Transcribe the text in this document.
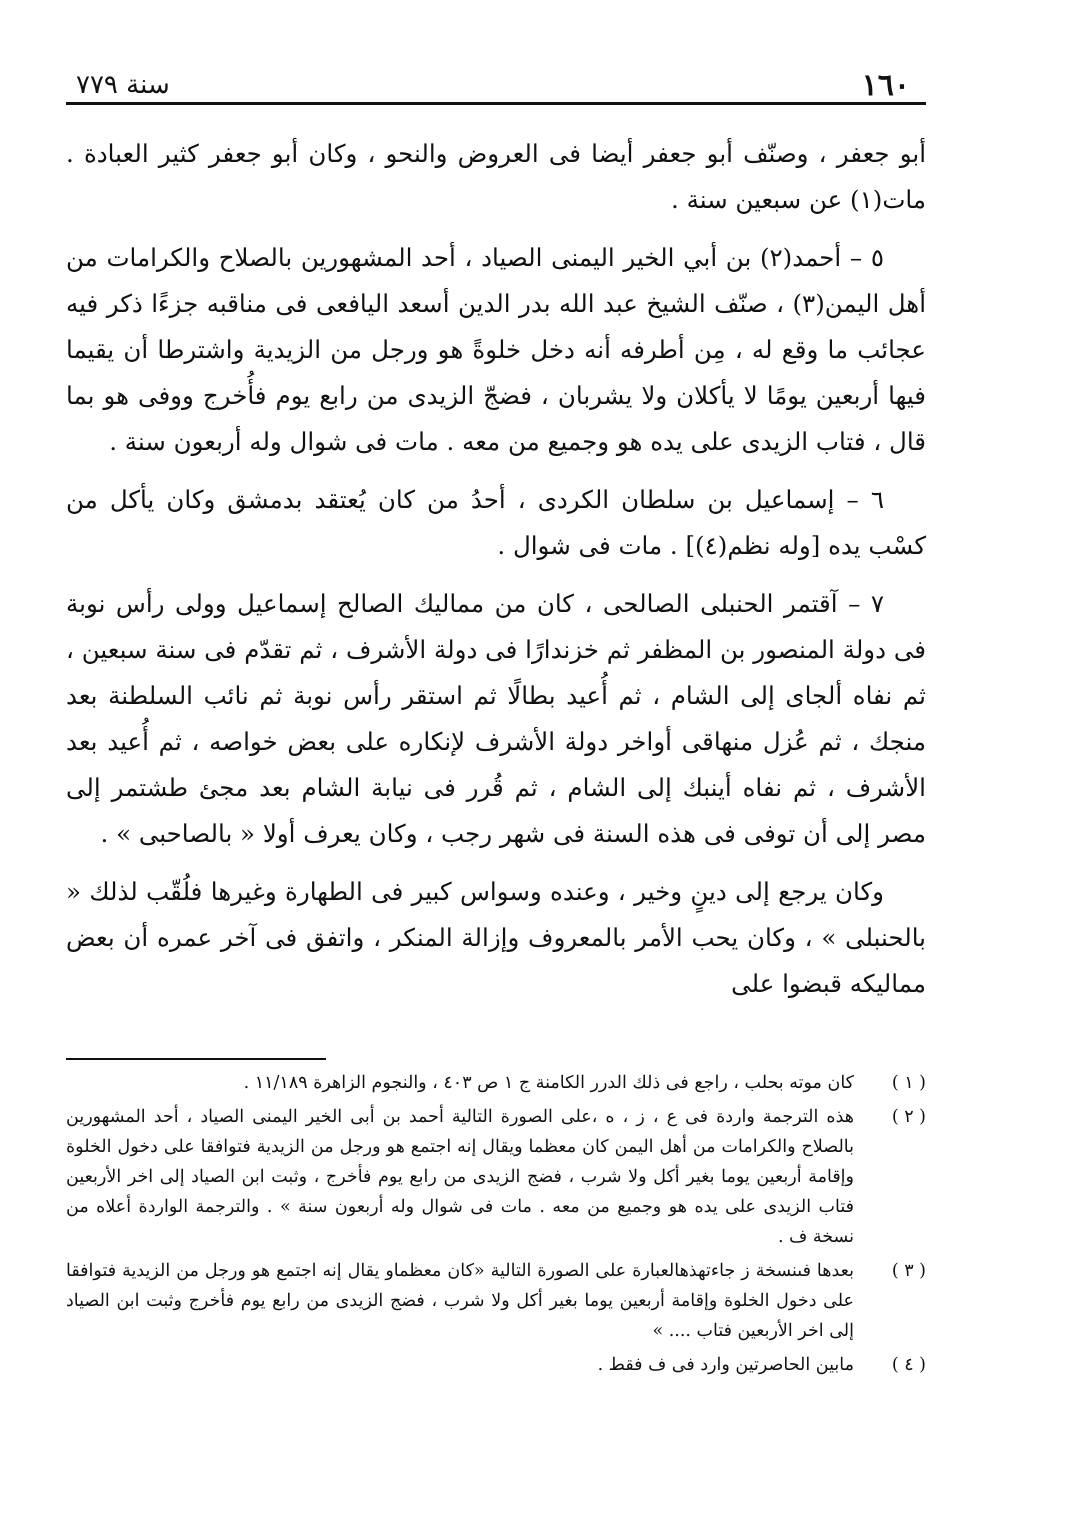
١٦٠
سنة ٧٧٩

أبو جعفر ، وصنّف أبو جعفر أيضا فى العروض والنحو ، وكان أبو جعفر كثير العبادة . مات(١) عن سبعين سنة .

٥ – أحمد(٢) بن أبي الخير اليمنى الصياد ، أحد المشهورين بالصلاح والكرامات من أهل اليمن(٣) ، صنّف الشيخ عبد الله بدر الدين أسعد اليافعى فى مناقبه جزءًا ذكر فيه عجائب ما وقع له ، مِن أطرفه أنه دخل خلوةً هو ورجل من الزيدية واشترطا أن يقيما فيها أربعين يومًا لا يأكلان ولا يشربان ، فضجّ الزيدى من رابع يوم فأُخرج ووفى هو بما قال ، فتاب الزيدى على يده هو وجميع من معه . مات فى شوال وله أربعون سنة .

٦ – إسماعيل بن سلطان الكردى ، أحدُ من كان يُعتقد بدمشق وكان يأكل من كسْب يده [وله نظم(٤)] . مات فى شوال .

٧ – آقتمر الحنبلى الصالحى ، كان من مماليك الصالح إسماعيل وولى رأس نوبة فى دولة المنصور بن المظفر ثم خزندارًا فى دولة الأشرف ، ثم تقدّم فى سنة سبعين ، ثم نفاه ألجاى إلى الشام ، ثم أُعيد بطالًا ثم استقر رأس نوبة ثم نائب السلطنة بعد منجك ، ثم عُزل منهاقى أواخر دولة الأشرف لإنكاره على بعض خواصه ، ثم أُعيد بعد الأشرف ، ثم نفاه أينبك إلى الشام ، ثم قُرر فى نيابة الشام بعد مجئ طشتمر إلى مصر إلى أن توفى فى هذه السنة فى شهر رجب ، وكان يعرف أولا « بالصاحبى » .

وكان يرجع إلى دينٍ وخير ، وعنده وسواس كبير فى الطهارة وغيرها فلُقّب لذلك « بالحنبلى » ، وكان يحب الأمر بالمعروف وإزالة المنكر ، واتفق فى آخر عمره أن بعض مماليكه قبضوا على

( ١ )
كان موته بحلب ، راجع فى ذلك الدرر الكامنة ج ١ ص ٤٠٣ ، والنجوم الزاهرة ١١/١٨٩ .
( ٢ )
هذه الترجمة واردة فى ع ، ز ، ه ،على الصورة التالية أحمد بن أبى الخير اليمنى الصياد ، أحد المشهورين بالصلاح والكرامات من أهل اليمن كان معظما ويقال إنه اجتمع هو ورجل من الزيدية فتوافقا على دخول الخلوة وإقامة أربعين يوما بغير أكل ولا شرب ، فضج الزيدى من رابع يوم فأخرج ، وثبت ابن الصياد إلى اخر الأربعين فتاب الزيدى على يده هو وجميع من معه . مات فى شوال وله أربعون سنة » . والترجمة الواردة أعلاه من نسخة ف .
( ٣ )
بعدها فىنسخة ز جاءتهذهالعبارة على الصورة التالية «كان معظماو يقال إنه اجتمع هو ورجل من الزيدية فتوافقا على دخول الخلوة وإقامة أربعين يوما بغير أكل ولا شرب ، فضج الزيدى من رابع يوم فأخرج وثبت ابن الصياد إلى اخر الأربعين فتاب .... »
( ٤ )
مابين الحاصرتين وارد فى ف فقط .
